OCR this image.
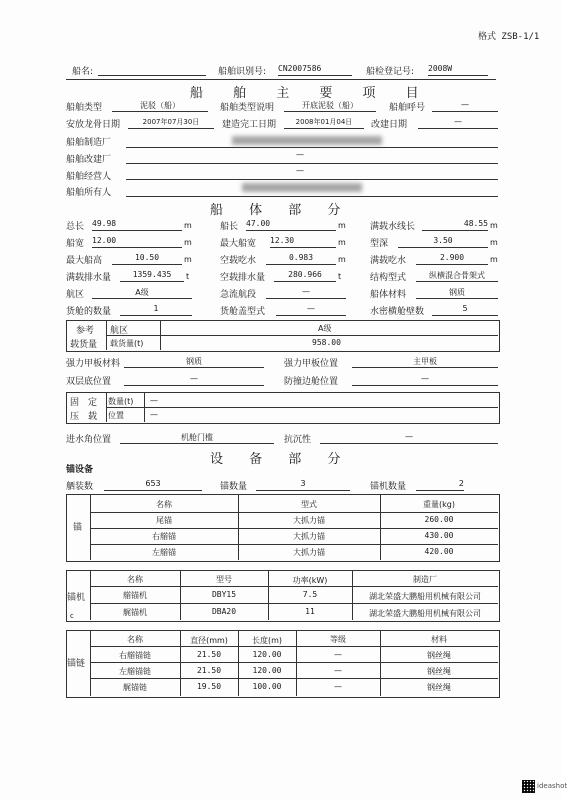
格式 ZSB-1/1
船名:
	船舶识别号: CN2007586	船检登记号: 2008W
船 舶 主 要 项 目
船舶类型	泥驳（船）	船舶类型说明	开底泥驳（船）	船舶呼号	—
安放龙骨日期	2007年07月30日	建造完工日期	2008年01月04日	改建日期	—
船舶制造厂
船舶改建厂
—
船舶经营人
—
船舶所有人
船 体 部 分
总长 49.98	m	船长 47.00	m	满载水线长	48.55 m
船宽 12.00	m	最大船宽 12.30	m	型深	3.50	m
最大船高	10.50	m	空载吃水	0.983	m	满载吃水	2.900	m
满载排水量	1359.435	t	空载排水量	280.966	t	结构型式	纵横混合骨架式
航区	A级	急流航段	—	船体材料	钢质
货舱的数量	1	货舱盖型式	—	水密横舱壁数	5
参考
载货量
航区	A级
载货量(t)	958.00
强力甲板材料	钢质	强力甲板位置	主甲板
双层底位置	—	防撞边舱位置	—
固　定
压　载
数量(t) —
位置	—
进水角位置	机舱门槛	抗沉性	—
设 备 部 分
锚设备
舾装数	653	锚数量	3	锚机数量	2
锚
名称	型式	重量(kg)
尾锚	大抓力锚	260.00
右艏锚	大抓力锚	430.00
左艏锚	大抓力锚	420.00
锚机
c
名称	型号	功率(kW)	制造厂
艏锚机	DBY15	7.5	湖北荣盛大鹏船用机械有限公司
艉锚机	DBA20	11	湖北荣盛大鹏船用机械有限公司
锚链
名称	直径(mm)	长度(m)	等级	材料
右艏锚链	21.50	120.00	—	钢丝绳
左艏锚链	21.50	120.00	—	钢丝绳
艉锚链	19.50	100.00	—	钢丝绳
ideashot
